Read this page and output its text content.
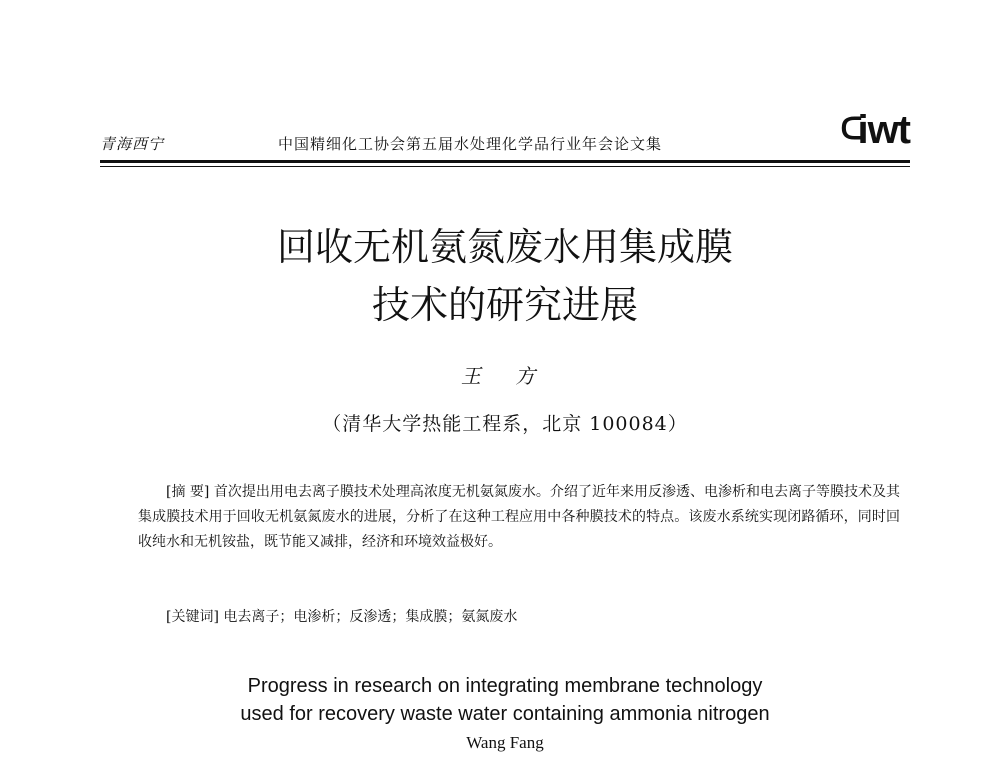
青海西宁	中国精细化工协会第五届水处理化学品行业年会论文集	ᑕiwt
回收无机氨氮废水用集成膜
技术的研究进展
王 方
（清华大学热能工程系，北京 100084）

[摘 要] 首次提出用电去离子膜技术处理高浓度无机氨氮废水。介绍了近年来用反渗透、电渗析和电去离子等膜技术及其集成膜技术用于回收无机氨氮废水的进展，分析了在这种工程应用中各种膜技术的特点。该废水系统实现闭路循环，同时回收纯水和无机铵盐，既节能又减排，经济和环境效益极好。

[关键词] 电去离子；电渗析；反渗透；集成膜；氨氮废水
Progress in research on integrating membrane technology
used for recovery waste water containing ammonia nitrogen
Wang Fang
